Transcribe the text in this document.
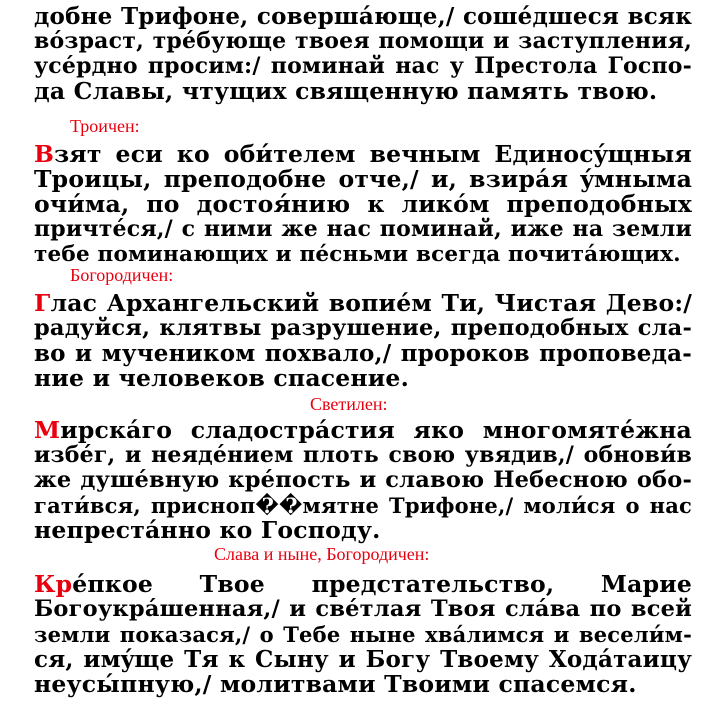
добне Трифоне, совершáюще,/ сошéдшеся всяк
вóзраст, трéбующе твоея помощи и заступления,
усéрдно просим:/ поминай нас у Престола Госпо-
да Славы, чтущих священную память твою.
Троичен:
Взят еси ко оби́телем вечным Единосýщныя
Троицы, преподобне отче,/ и, взирáя ýмныма
очи́ма, по достоя́нию к ликóм преподобных
причтéся,/ с ними же нас поминай, иже на земли
тебе поминающих и пéсньми всегда почитáющих.
Богородичен:
Глас Архангельский вопиéм Ти, Чистая Дево:/
радуйся, клятвы разрушение, преподобных сла-
во и мучеником похвало,/ пророков проповеда-
ние и человеков спасение.
Светилен:
Мирскáго сладострáстия яко многомятéжна
избéг, и неядéнием плоть свою увядив,/ обнови́в
же душéвную крéпость и славою Небесною обо-
гати́вся, присноп��мятне Трифоне,/ моли́ся о нас
непрестáнно ко Господу.
Слава и ныне, Богородичен:
Крéпкое Твое предстательство, Марие
Богоукрáшенная,/ и свéтлая Твоя слáва по всей
земли показася,/ о Тебе ныне хвáлимся и весели́м-
ся, имýще Тя к Сыну и Богу Твоему Ходáтаицу
неусы́пную,/ молитвами Твоими спасемся.
